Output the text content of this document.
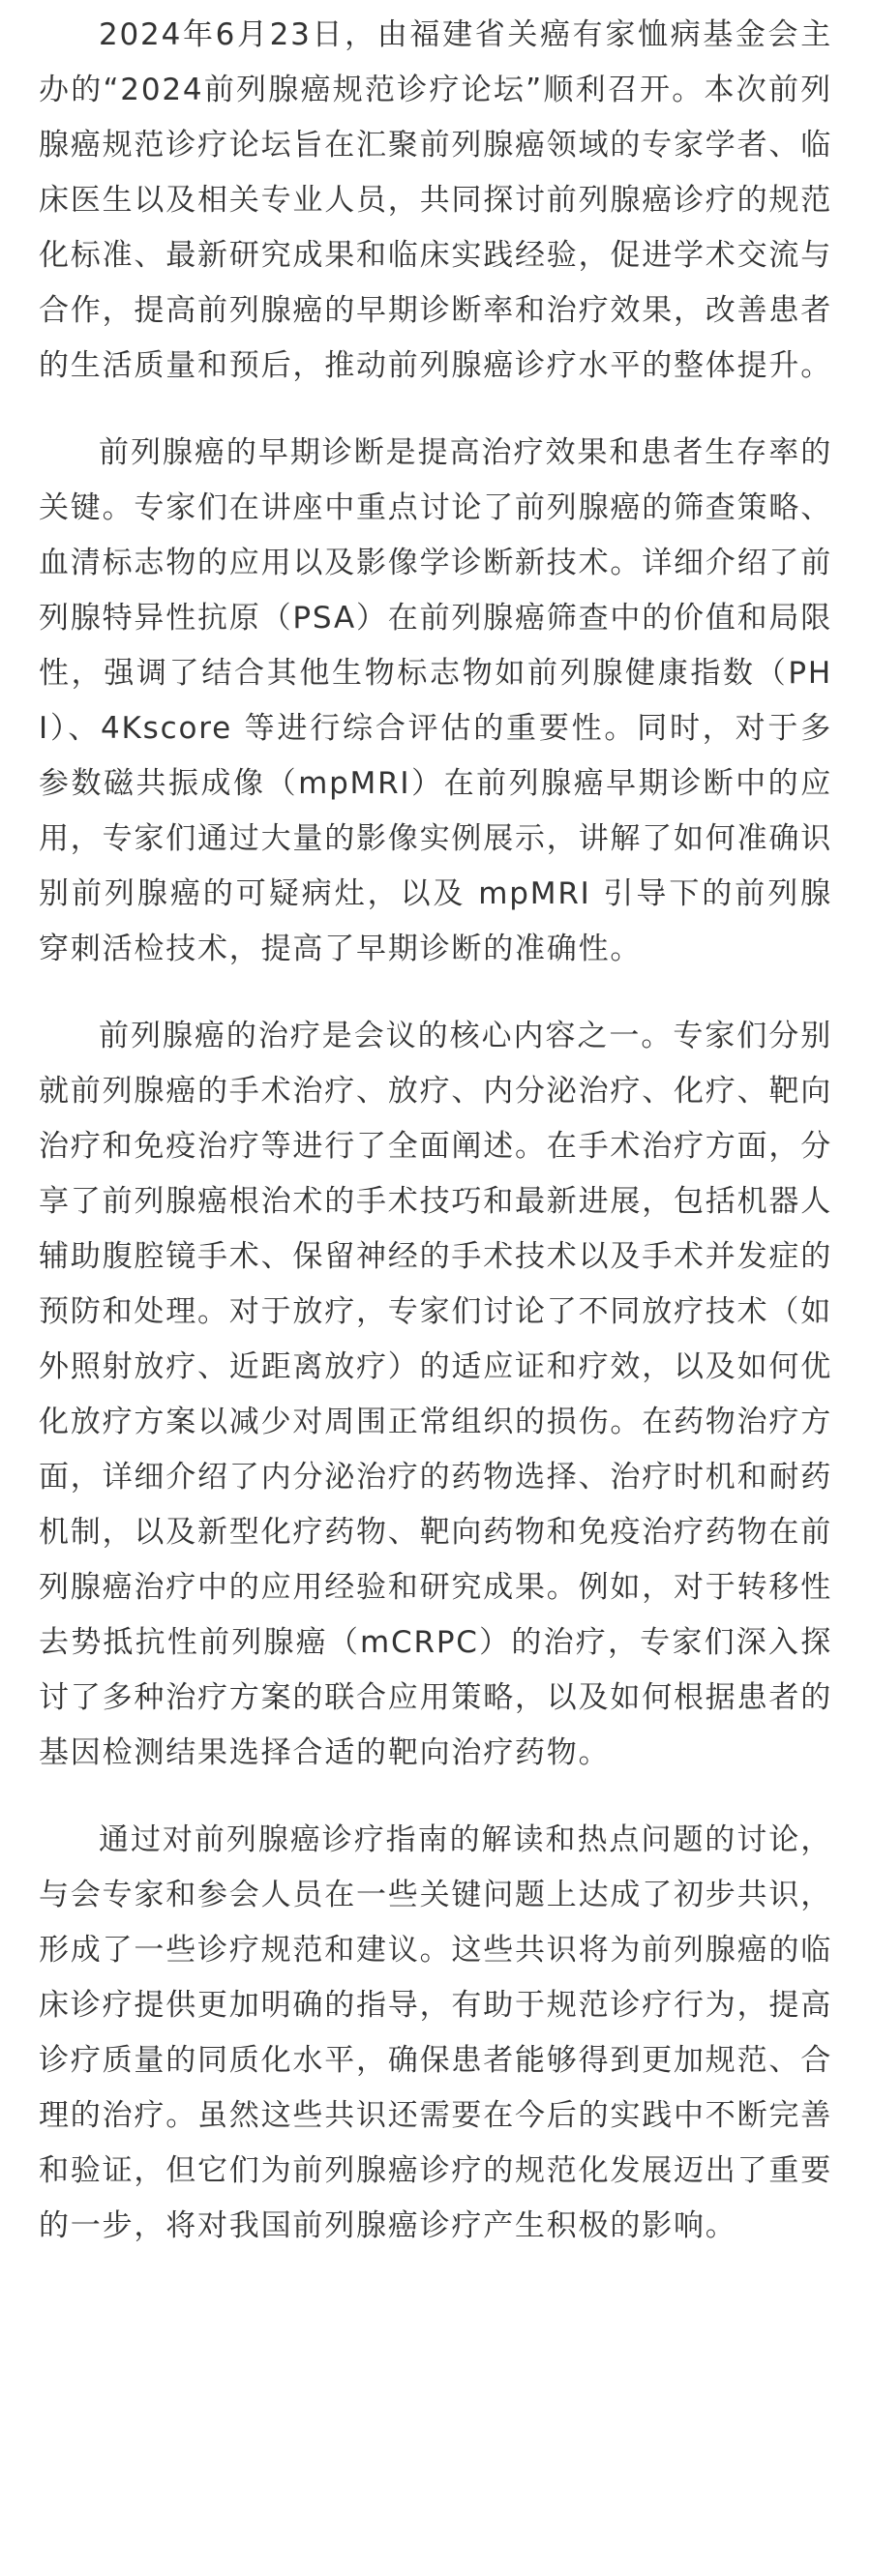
2024年6月23日，由福建省关癌有家恤病基金会主办的“2024前列腺癌规范诊疗论坛”顺利召开。本次前列腺癌规范诊疗论坛旨在汇聚前列腺癌领域的专家学者、临床医生以及相关专业人员，共同探讨前列腺癌诊疗的规范化标准、最新研究成果和临床实践经验，促进学术交流与合作，提高前列腺癌的早期诊断率和治疗效果，改善患者的生活质量和预后，推动前列腺癌诊疗水平的整体提升。

前列腺癌的早期诊断是提高治疗效果和患者生存率的关键。专家们在讲座中重点讨论了前列腺癌的筛查策略、血清标志物的应用以及影像学诊断新技术。详细介绍了前列腺特异性抗原（PSA）在前列腺癌筛查中的价值和局限性，强调了结合其他生物标志物如前列腺健康指数（PHI）、4Kscore 等进行综合评估的重要性。同时，对于多参数磁共振成像（mpMRI）在前列腺癌早期诊断中的应用，专家们通过大量的影像实例展示，讲解了如何准确识别前列腺癌的可疑病灶，以及 mpMRI 引导下的前列腺穿刺活检技术，提高了早期诊断的准确性。

前列腺癌的治疗是会议的核心内容之一。专家们分别就前列腺癌的手术治疗、放疗、内分泌治疗、化疗、靶向治疗和免疫治疗等进行了全面阐述。在手术治疗方面，分享了前列腺癌根治术的手术技巧和最新进展，包括机器人辅助腹腔镜手术、保留神经的手术技术以及手术并发症的预防和处理。对于放疗，专家们讨论了不同放疗技术（如外照射放疗、近距离放疗）的适应证和疗效，以及如何优化放疗方案以减少对周围正常组织的损伤。在药物治疗方面，详细介绍了内分泌治疗的药物选择、治疗时机和耐药机制，以及新型化疗药物、靶向药物和免疫治疗药物在前列腺癌治疗中的应用经验和研究成果。例如，对于转移性去势抵抗性前列腺癌（mCRPC）的治疗，专家们深入探讨了多种治疗方案的联合应用策略，以及如何根据患者的基因检测结果选择合适的靶向治疗药物。

通过对前列腺癌诊疗指南的解读和热点问题的讨论，与会专家和参会人员在一些关键问题上达成了初步共识，形成了一些诊疗规范和建议。这些共识将为前列腺癌的临床诊疗提供更加明确的指导，有助于规范诊疗行为，提高诊疗质量的同质化水平，确保患者能够得到更加规范、合理的治疗。虽然这些共识还需要在今后的实践中不断完善和验证，但它们为前列腺癌诊疗的规范化发展迈出了重要的一步，将对我国前列腺癌诊疗产生积极的影响。
